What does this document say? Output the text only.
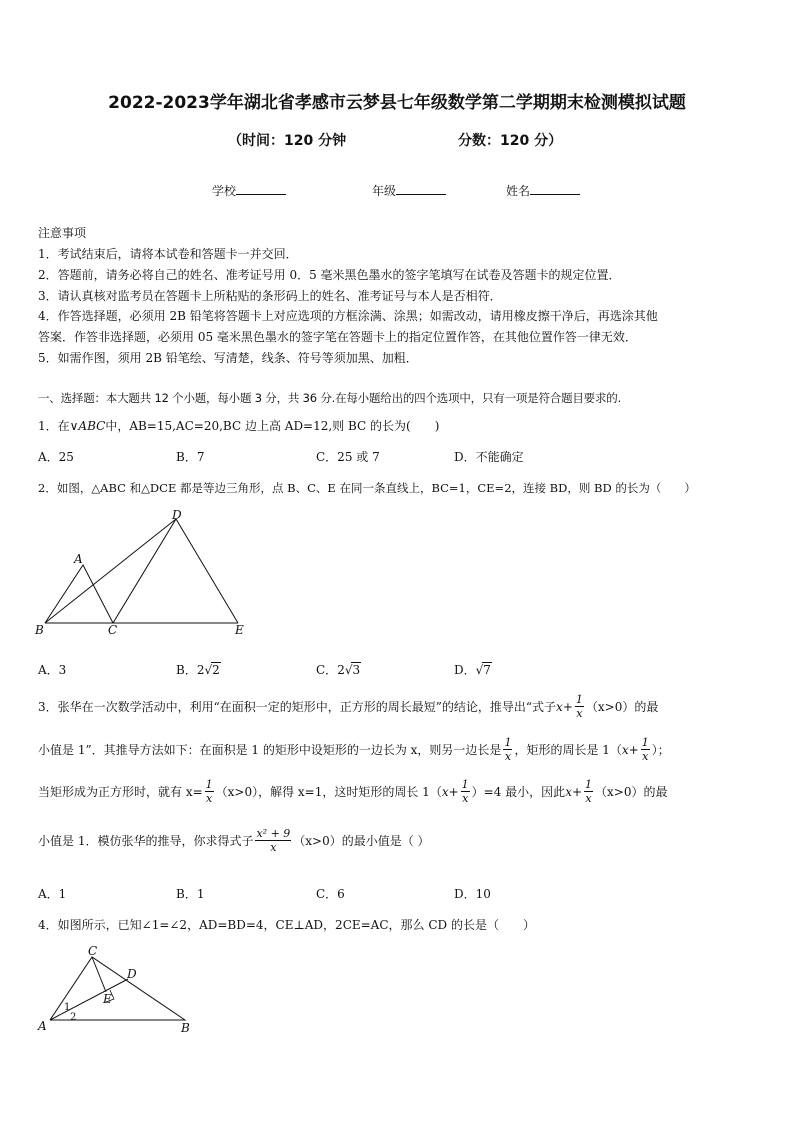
2022-2023学年湖北省孝感市云梦县七年级数学第二学期期末检测模拟试题
（时间：120 分钟	分数：120 分）
学校	年级	姓名
注意事项
1．考试结束后，请将本试卷和答题卡一并交回．
2．答题前，请务必将自己的姓名、准考证号用 0．5 毫米黑色墨水的签字笔填写在试卷及答题卡的规定位置．
3．请认真核对监考员在答题卡上所粘贴的条形码上的姓名、准考证号与本人是否相符．
4．作答选择题，必须用 2B 铅笔将答题卡上对应选项的方框涂满、涂黑；如需改动，请用橡皮擦干净后，再选涂其他
答案．作答非选择题，必须用 05 毫米黑色墨水的签字笔在答题卡上的指定位置作答，在其他位置作答一律无效．
5．如需作图，须用 2B 铅笔绘、写清楚，线条、符号等须加黑、加粗．
一、选择题：本大题共 12 个小题，每小题 3 分，共 36 分.在每小题给出的四个选项中，只有一项是符合题目要求的.
1．在∨ABC中，AB=15,AC=20,BC 边上高 AD=12,则 BC 的长为(　　)
A．25	B．7	C．25 或 7	D．不能确定
2．如图，△ABC 和△DCE 都是等边三角形，点 B、C、E 在同一条直线上，BC=1，CE=2，连接 BD，则 BD 的长为（　　）
A
B	C
D
E
A．3	B．2√2	C．2√3	D．√7
3．张华在一次数学活动中，利用“在面积一定的矩形中，正方形的周长最短”的结论，推导出“式子 $x + \frac{1}{x} (x>0)$的最
小值是 1”．其推导方法如下：在面积是 1 的矩形中设矩形的一边长为 x，则另一边长是 $\frac{1}{x}$ ，矩形的周长是 1（ $x + \frac{1}{x}$ ）；
当矩形成为正方形时，就有 $x= \frac{1}{x} (x>0)$，解得 x=1，这时矩形的周长 1（ $x + \frac{1}{x} )=4$ 最小，因此 $x + \frac{1}{x} (x>0)$的最
小值是 1．模仿张华的推导，你求得式子 $\frac{\text{x² + 9}}{x} (x>0)$的最小值是（ ）
A．1	B．1	C．6	D．10
4．如图所示，已知∠1=∠2，AD=BD=4，CE⊥AD，2CE=AC，那么 CD 的长是（　　）
C
D
E
A	B
1
2
